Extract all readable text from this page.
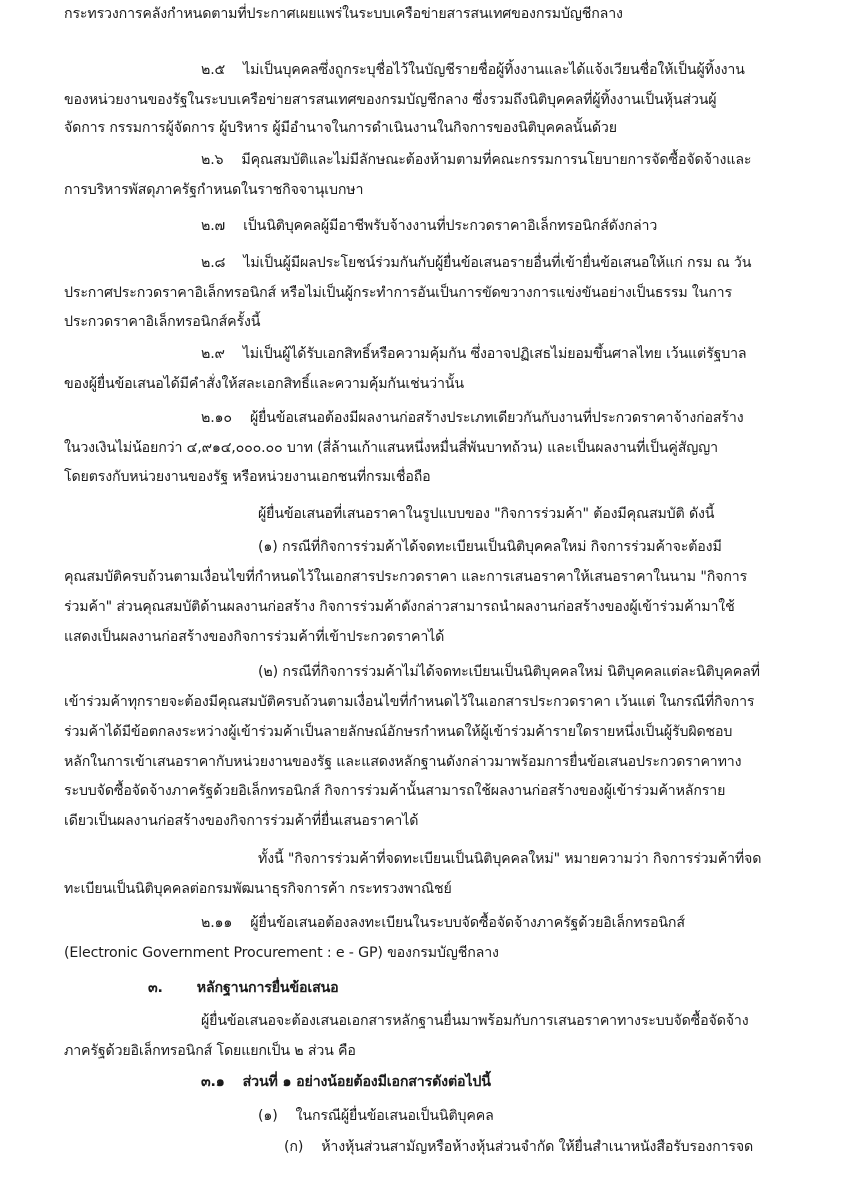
กระทรวงการคลังกำหนดตามที่ประกาศเผยแพร่ในระบบเครือข่ายสารสนเทศของกรมบัญชีกลาง
๒.๕ ไม่เป็นบุคคลซึ่งถูกระบุชื่อไว้ในบัญชีรายชื่อผู้ทิ้งงานและได้แจ้งเวียนชื่อให้เป็นผู้ทิ้งงาน
ของหน่วยงานของรัฐในระบบเครือข่ายสารสนเทศของกรมบัญชีกลาง ซึ่งรวมถึงนิติบุคคลที่ผู้ทิ้งงานเป็นหุ้นส่วนผู้
จัดการ กรรมการผู้จัดการ ผู้บริหาร ผู้มีอำนาจในการดำเนินงานในกิจการของนิติบุคคลนั้นด้วย
๒.๖ มีคุณสมบัติและไม่มีลักษณะต้องห้ามตามที่คณะกรรมการนโยบายการจัดซื้อจัดจ้างและ
การบริหารพัสดุภาครัฐกำหนดในราชกิจจานุเบกษา
๒.๗ เป็นนิติบุคคลผู้มีอาชีพรับจ้างงานที่ประกวดราคาอิเล็กทรอนิกส์ดังกล่าว
๒.๘ ไม่เป็นผู้มีผลประโยชน์ร่วมกันกับผู้ยื่นข้อเสนอรายอื่นที่เข้ายื่นข้อเสนอให้แก่ กรม ณ วัน
ประกาศประกวดราคาอิเล็กทรอนิกส์ หรือไม่เป็นผู้กระทำการอันเป็นการขัดขวางการแข่งขันอย่างเป็นธรรม ในการ
ประกวดราคาอิเล็กทรอนิกส์ครั้งนี้
๒.๙ ไม่เป็นผู้ได้รับเอกสิทธิ์หรือความคุ้มกัน ซึ่งอาจปฏิเสธไม่ยอมขึ้นศาลไทย เว้นแต่รัฐบาล
ของผู้ยื่นข้อเสนอได้มีคำสั่งให้สละเอกสิทธิ์และความคุ้มกันเช่นว่านั้น
๒.๑๐ ผู้ยื่นข้อเสนอต้องมีผลงานก่อสร้างประเภทเดียวกันกับงานที่ประกวดราคาจ้างก่อสร้าง
ในวงเงินไม่น้อยกว่า ๔,๙๑๔,๐๐๐.๐๐ บาท (สี่ล้านเก้าแสนหนึ่งหมื่นสี่พันบาทถ้วน) และเป็นผลงานที่เป็นคู่สัญญา
โดยตรงกับหน่วยงานของรัฐ หรือหน่วยงานเอกชนที่กรมเชื่อถือ
ผู้ยื่นข้อเสนอที่เสนอราคาในรูปแบบของ "กิจการร่วมค้า" ต้องมีคุณสมบัติ ดังนี้
(๑) กรณีที่กิจการร่วมค้าได้จดทะเบียนเป็นนิติบุคคลใหม่ กิจการร่วมค้าจะต้องมี
คุณสมบัติครบถ้วนตามเงื่อนไขที่กำหนดไว้ในเอกสารประกวดราคา และการเสนอราคาให้เสนอราคาในนาม "กิจการ
ร่วมค้า" ส่วนคุณสมบัติด้านผลงานก่อสร้าง กิจการร่วมค้าดังกล่าวสามารถนำผลงานก่อสร้างของผู้เข้าร่วมค้ามาใช้
แสดงเป็นผลงานก่อสร้างของกิจการร่วมค้าที่เข้าประกวดราคาได้
(๒) กรณีที่กิจการร่วมค้าไม่ได้จดทะเบียนเป็นนิติบุคคลใหม่ นิติบุคคลแต่ละนิติบุคคลที่
เข้าร่วมค้าทุกรายจะต้องมีคุณสมบัติครบถ้วนตามเงื่อนไขที่กำหนดไว้ในเอกสารประกวดราคา เว้นแต่ ในกรณีที่กิจการ
ร่วมค้าได้มีข้อตกลงระหว่างผู้เข้าร่วมค้าเป็นลายลักษณ์อักษรกำหนดให้ผู้เข้าร่วมค้ารายใดรายหนึ่งเป็นผู้รับผิดชอบ
หลักในการเข้าเสนอราคากับหน่วยงานของรัฐ และแสดงหลักฐานดังกล่าวมาพร้อมการยื่นข้อเสนอประกวดราคาทาง
ระบบจัดซื้อจัดจ้างภาครัฐด้วยอิเล็กทรอนิกส์ กิจการร่วมค้านั้นสามารถใช้ผลงานก่อสร้างของผู้เข้าร่วมค้าหลักราย
เดียวเป็นผลงานก่อสร้างของกิจการร่วมค้าที่ยื่นเสนอราคาได้
ทั้งนี้ "กิจการร่วมค้าที่จดทะเบียนเป็นนิติบุคคลใหม่" หมายความว่า กิจการร่วมค้าที่จด
ทะเบียนเป็นนิติบุคคลต่อกรมพัฒนาธุรกิจการค้า กระทรวงพาณิชย์
๒.๑๑ ผู้ยื่นข้อเสนอต้องลงทะเบียนในระบบจัดซื้อจัดจ้างภาครัฐด้วยอิเล็กทรอนิกส์
(Electronic Government Procurement : e - GP) ของกรมบัญชีกลาง
๓. หลักฐานการยื่นข้อเสนอ
ผู้ยื่นข้อเสนอจะต้องเสนอเอกสารหลักฐานยื่นมาพร้อมกับการเสนอราคาทางระบบจัดซื้อจัดจ้าง
ภาครัฐด้วยอิเล็กทรอนิกส์ โดยแยกเป็น ๒ ส่วน คือ
๓.๑ ส่วนที่ ๑ อย่างน้อยต้องมีเอกสารดังต่อไปนี้
(๑) ในกรณีผู้ยื่นข้อเสนอเป็นนิติบุคคล
(ก) ห้างหุ้นส่วนสามัญหรือห้างหุ้นส่วนจำกัด ให้ยื่นสำเนาหนังสือรับรองการจด
